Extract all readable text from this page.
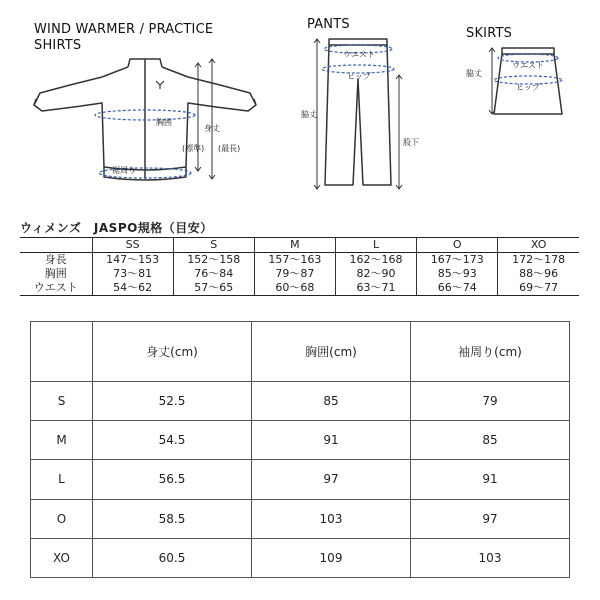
WIND WARMER / PRACTICE
SHIRTS
PANTS
SKIRTS
胸囲
身丈
(標準) (最長)
裾周り
ウエスト
ヒップ
脇丈
股下
脇丈
ウエスト
ヒップ
ウィメンズ　JASPO規格（目安）
	SS	S	M	L	O	XO
身長	147～153	152～158	157～163	162～168	167～173	172～178
胸囲	73～81	76～84	79～87	82～90	85～93	88～96
ウエスト	54～62	57～65	60～68	63～71	66～74	69～77
	身丈(cm)	胸囲(cm)	袖周り(cm)
S	52.5	85	79
M	54.5	91	85
L	56.5	97	91
O	58.5	103	97
XO	60.5	109	103
